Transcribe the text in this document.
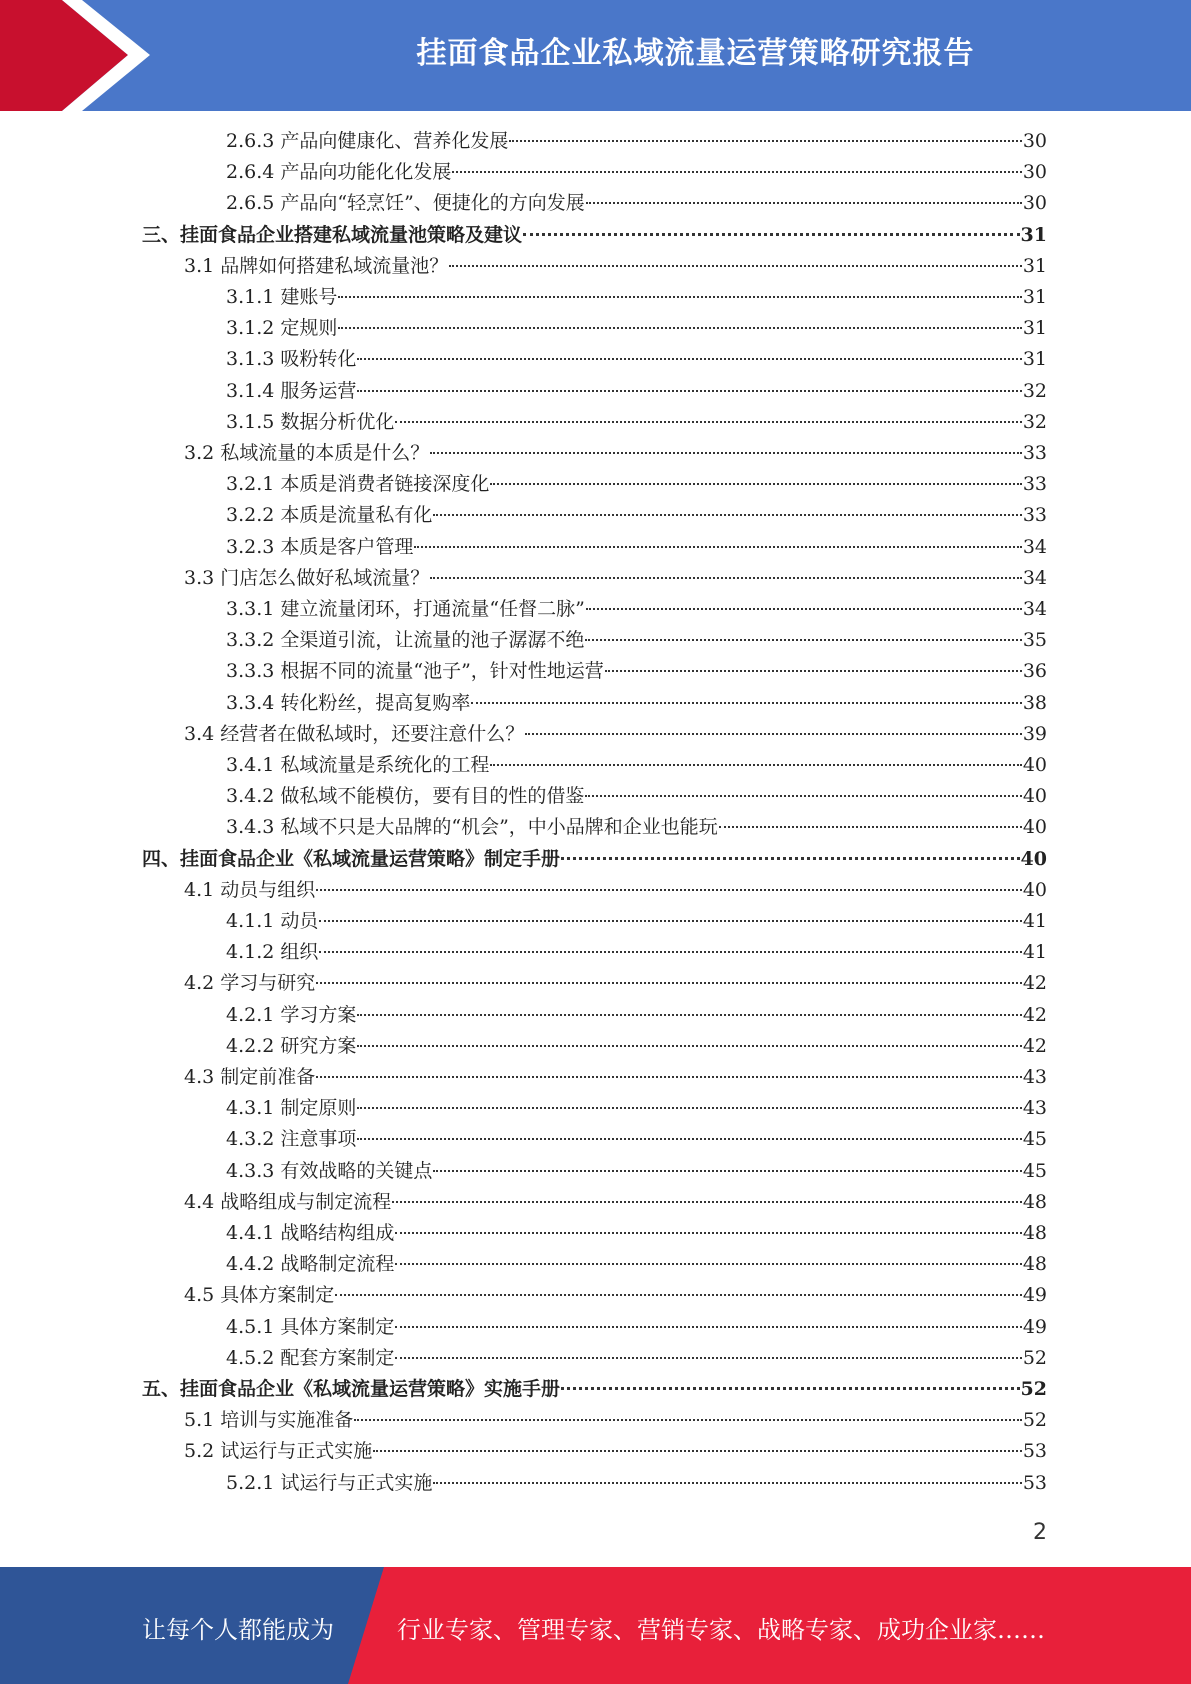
挂面食品企业私域流量运营策略研究报告
2.6.3 产品向健康化、营养化发展	30
2.6.4 产品向功能化化发展	30
2.6.5 产品向“轻烹饪”、便捷化的方向发展	30
三、挂面食品企业搭建私域流量池策略及建议	31
3.1 品牌如何搭建私域流量池？	31
3.1.1 建账号	31
3.1.2 定规则	31
3.1.3 吸粉转化	31
3.1.4 服务运营	32
3.1.5 数据分析优化	32
3.2 私域流量的本质是什么？	33
3.2.1 本质是消费者链接深度化	33
3.2.2 本质是流量私有化	33
3.2.3 本质是客户管理	34
3.3 门店怎么做好私域流量？	34
3.3.1 建立流量闭环，打通流量“任督二脉”	34
3.3.2 全渠道引流，让流量的池子潺潺不绝	35
3.3.3 根据不同的流量“池子”，针对性地运营	36
3.3.4 转化粉丝，提高复购率	38
3.4 经营者在做私域时，还要注意什么？	39
3.4.1 私域流量是系统化的工程	40
3.4.2 做私域不能模仿，要有目的性的借鉴	40
3.4.3 私域不只是大品牌的“机会”，中小品牌和企业也能玩	40
四、挂面食品企业《私域流量运营策略》制定手册	40
4.1 动员与组织	40
4.1.1 动员	41
4.1.2 组织	41
4.2 学习与研究	42
4.2.1 学习方案	42
4.2.2 研究方案	42
4.3 制定前准备	43
4.3.1 制定原则	43
4.3.2 注意事项	45
4.3.3 有效战略的关键点	45
4.4 战略组成与制定流程	48
4.4.1 战略结构组成	48
4.4.2 战略制定流程	48
4.5 具体方案制定	49
4.5.1 具体方案制定	49
4.5.2 配套方案制定	52
五、挂面食品企业《私域流量运营策略》实施手册	52
5.1 培训与实施准备	52
5.2 试运行与正式实施	53
5.2.1 试运行与正式实施	53
2
让每个人都能成为	行业专家、管理专家、营销专家、战略专家、成功企业家……
